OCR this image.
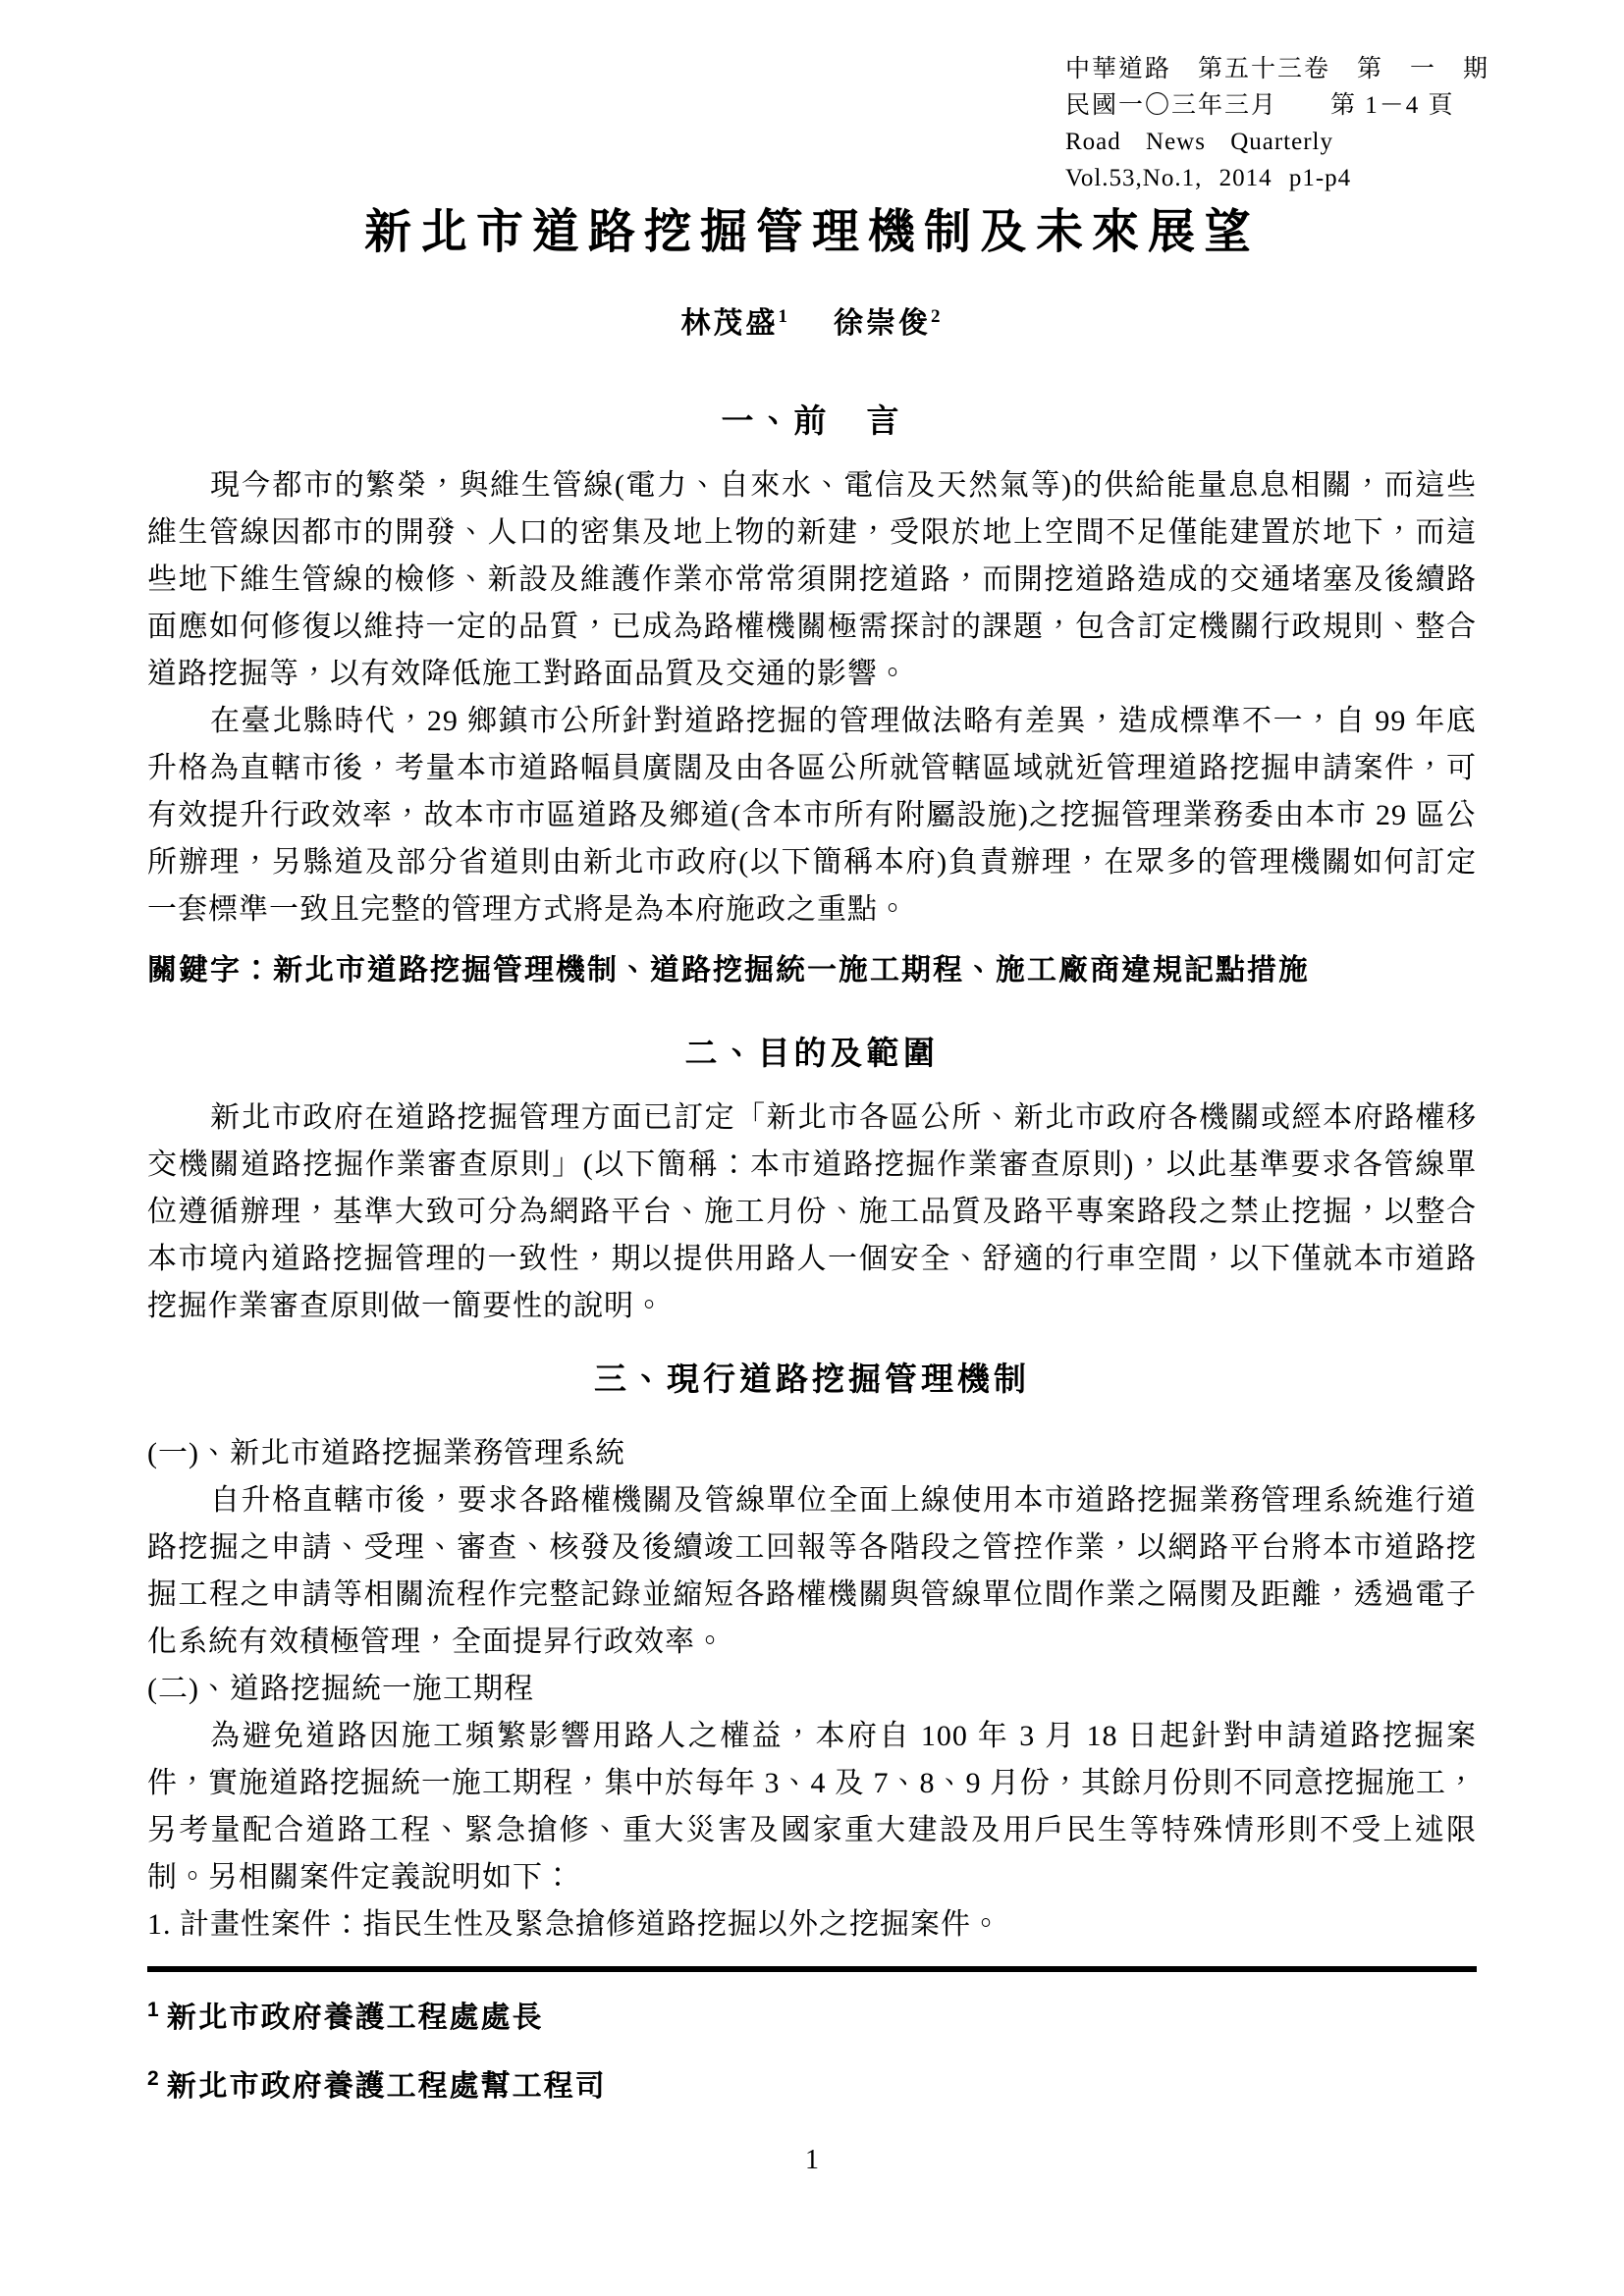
中華道路　第五十三卷　第　一　期
民國一〇三年三月　　第 1－4 頁
Road News Quarterly
Vol.53,No.1, 2014 p1-p4
新北市道路挖掘管理機制及未來展望
林茂盛$^1$ 徐崇俊$^2$
一、前　言

現今都市的繁榮，與維生管線(電力、自來水、電信及天然氣等)的供給能量息息相關，而這些維生管線因都市的開發、人口的密集及地上物的新建，受限於地上空間不足僅能建置於地下，而這些地下維生管線的檢修、新設及維護作業亦常常須開挖道路，而開挖道路造成的交通堵塞及後續路面應如何修復以維持一定的品質，已成為路權機關極需探討的課題，包含訂定機關行政規則、整合道路挖掘等，以有效降低施工對路面品質及交通的影響。

在臺北縣時代，29 鄉鎮市公所針對道路挖掘的管理做法略有差異，造成標準不一，自 99 年底升格為直轄市後，考量本市道路幅員廣闊及由各區公所就管轄區域就近管理道路挖掘申請案件，可有效提升行政效率，故本市市區道路及鄉道(含本市所有附屬設施)之挖掘管理業務委由本市 29 區公所辦理，另縣道及部分省道則由新北市政府(以下簡稱本府)負責辦理，在眾多的管理機關如何訂定一套標準一致且完整的管理方式將是為本府施政之重點。

關鍵字：新北市道路挖掘管理機制、道路挖掘統一施工期程、施工廠商違規記點措施

二、目的及範圍

新北市政府在道路挖掘管理方面已訂定「新北市各區公所、新北市政府各機關或經本府路權移交機關道路挖掘作業審查原則」(以下簡稱：本市道路挖掘作業審查原則)，以此基準要求各管線單位遵循辦理，基準大致可分為網路平台、施工月份、施工品質及路平專案路段之禁止挖掘，以整合本市境內道路挖掘管理的一致性，期以提供用路人一個安全、舒適的行車空間，以下僅就本市道路挖掘作業審查原則做一簡要性的說明。

三、現行道路挖掘管理機制

(一)、新北市道路挖掘業務管理系統

自升格直轄市後，要求各路權機關及管線單位全面上線使用本市道路挖掘業務管理系統進行道路挖掘之申請、受理、審查、核發及後續竣工回報等各階段之管控作業，以網路平台將本市道路挖掘工程之申請等相關流程作完整記錄並縮短各路權機關與管線單位間作業之隔閡及距離，透過電子化系統有效積極管理，全面提昇行政效率。

(二)、道路挖掘統一施工期程

為避免道路因施工頻繁影響用路人之權益，本府自 100 年 3 月 18 日起針對申請道路挖掘案件，實施道路挖掘統一施工期程，集中於每年 3、4 及 7、8、9 月份，其餘月份則不同意挖掘施工，另考量配合道路工程、緊急搶修、重大災害及國家重大建設及用戶民生等特殊情形則不受上述限制。另相關案件定義說明如下：

1. 計畫性案件：指民生性及緊急搶修道路挖掘以外之挖掘案件。

$^1$ 新北市政府養護工程處處長
$^2$ 新北市政府養護工程處幫工程司
1
